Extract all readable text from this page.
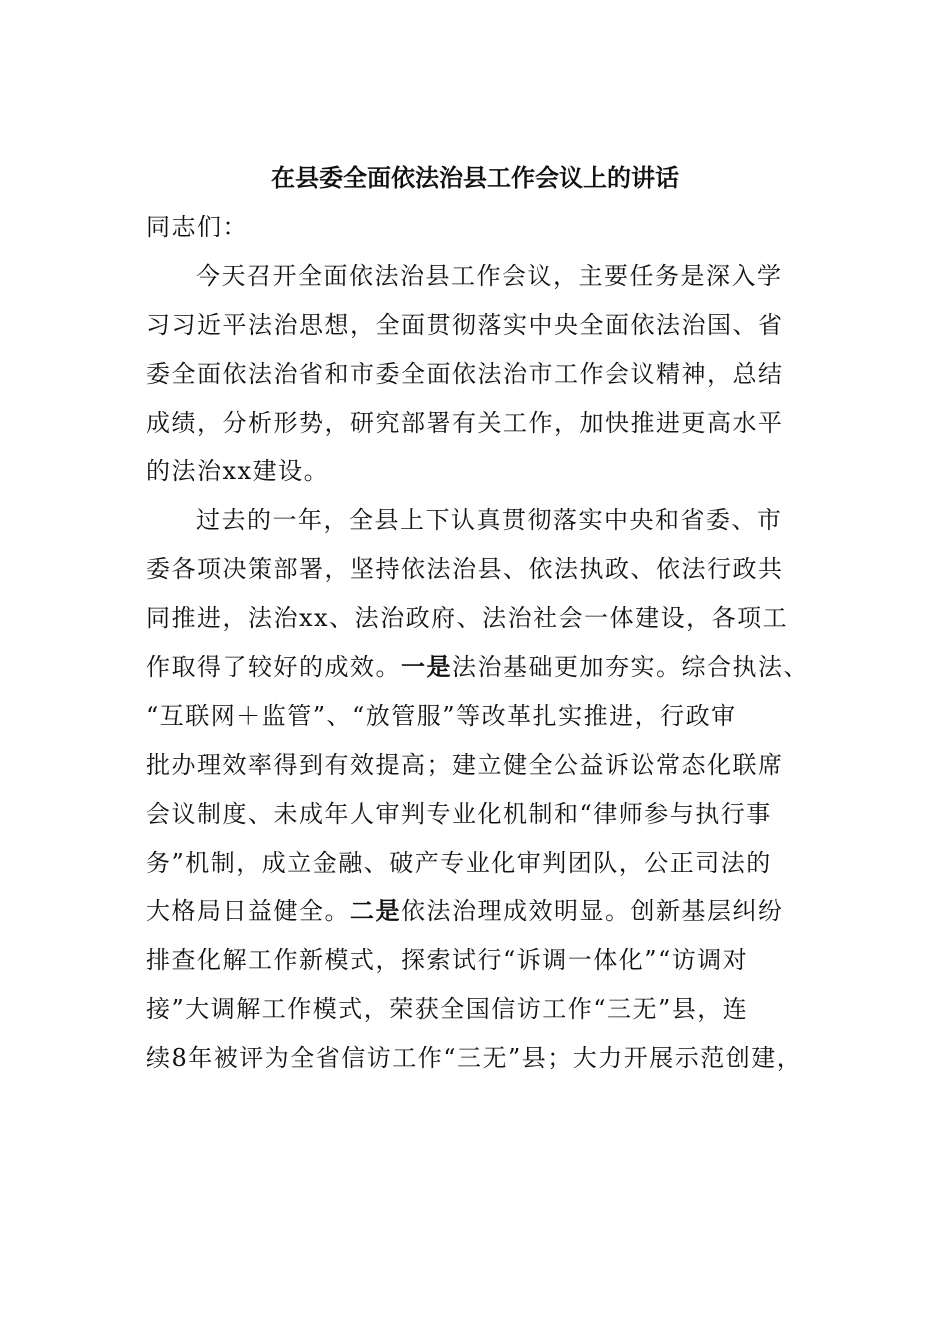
在县委全面依法治县工作会议上的讲话
同志们：
今天召开全面依法治县工作会议，主要任务是深入学
习习近平法治思想，全面贯彻落实中央全面依法治国、省
委全面依法治省和市委全面依法治市工作会议精神，总结
成绩，分析形势，研究部署有关工作，加快推进更高水平
的法治xx建设。
过去的一年，全县上下认真贯彻落实中央和省委、市
委各项决策部署，坚持依法治县、依法执政、依法行政共
同推进，法治xx、法治政府、法治社会一体建设，各项工
作取得了较好的成效。一是法治基础更加夯实。综合执法、
“互联网＋监管”、“放管服”等改革扎实推进，行政审
批办理效率得到有效提高；建立健全公益诉讼常态化联席
会议制度、未成年人审判专业化机制和“律师参与执行事
务”机制，成立金融、破产专业化审判团队，公正司法的
大格局日益健全。二是依法治理成效明显。创新基层纠纷
排查化解工作新模式，探索试行“诉调一体化”“访调对
接”大调解工作模式，荣获全国信访工作“三无”县，连
续8年被评为全省信访工作“三无”县；大力开展示范创建，
